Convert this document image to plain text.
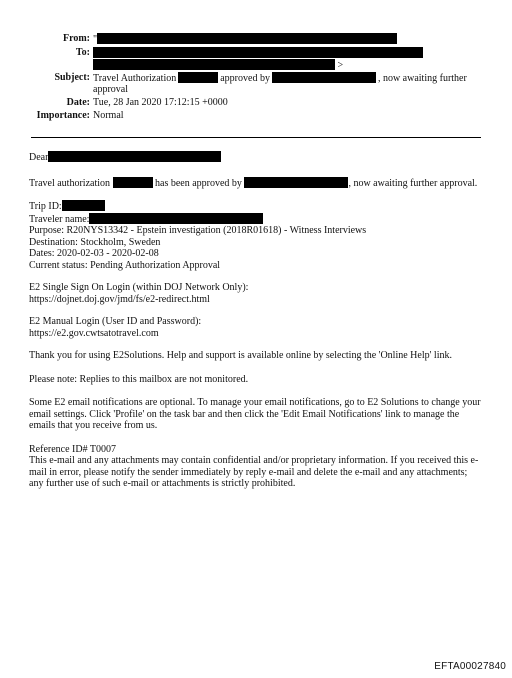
From: "
To:
>
Subject: Travel Authorization	approved by	, now awaiting further
approval
Date: Tue, 28 Jan 2020 17:12:15 +0000
Importance: Normal

Dear

Travel authorization	has been approved by	, now awaiting further approval.

Trip ID:

Traveler name:

Purpose: R20NYS13342 - Epstein investigation (2018R01618) - Witness Interviews

Destination: Stockholm, Sweden

Dates: 2020-02-03 - 2020-02-08

Current status: Pending Authorization Approval

E2 Single Sign On Login (within DOJ Network Only):

https://dojnet.doj.gov/jmd/fs/e2-redirect.html

E2 Manual Login (User ID and Password):

https://e2.gov.cwtsatotravel.com

Thank you for using E2Solutions. Help and support is available online by selecting the 'Online Help' link.

Please note: Replies to this mailbox are not monitored.

Some E2 email notifications are optional. To manage your email notifications, go to E2 Solutions to change your

email settings. Click 'Profile' on the task bar and then click the 'Edit Email Notifications' link to manage the

emails that you receive from us.

Reference ID# T0007

This e-mail and any attachments may contain confidential and/or proprietary information. If you received this e-

mail in error, please notify the sender immediately by reply e-mail and delete the e-mail and any attachments;

any further use of such e-mail or attachments is strictly prohibited.

EFTA00027840
